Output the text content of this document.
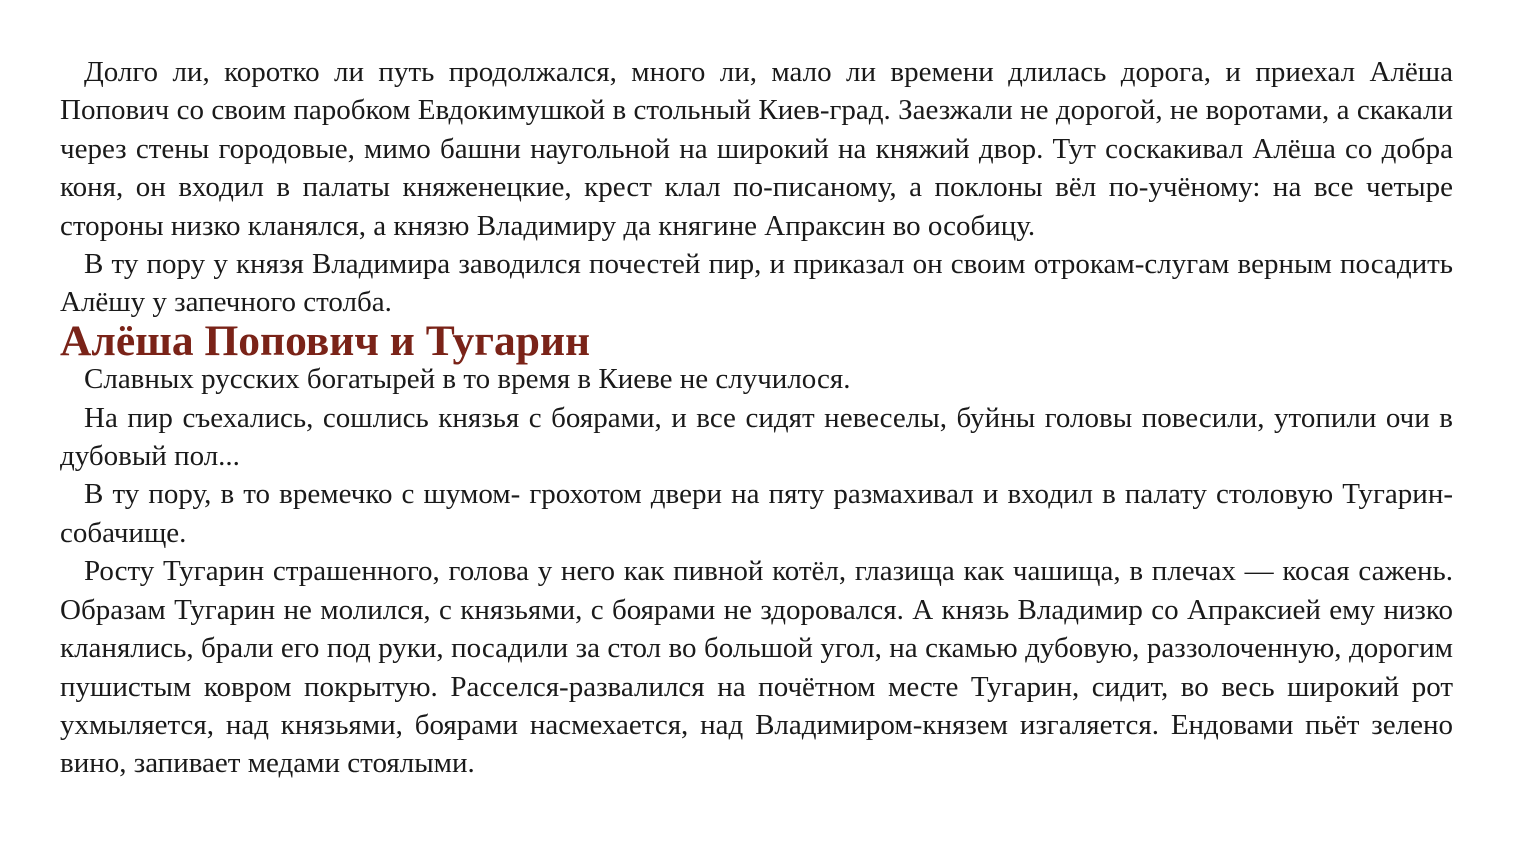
Долго ли, коротко ли путь продолжался, много ли, мало ли времени длилась дорога, и приехал Алёша Попович со своим паробком Евдокимушкой в стольный Киев-град. Заезжали не дорогой, не воротами, а скакали через стены городовые, мимо башни наугольной на широкий на княжий двор. Тут соскакивал Алёша со добра коня, он входил в палаты княженецкие, крест клал по-писаному, а поклоны вёл по-учёному: на все четыре стороны низко кланялся, а князю Владимиру да княгине Апраксин во особицу.

В ту пору у князя Владимира заводился почестей пир, и приказал он своим отрокам-слугам верным посадить Алёшу у запечного столба.

Алёша Попович и Тугарин

Славных русских богатырей в то время в Киеве не случилося.

На пир съехались, сошлись князья с боярами, и все сидят невеселы, буйны головы повесили, утопили очи в дубовый пол...

В ту пору, в то времечко с шумом- грохотом двери на пяту размахивал и входил в палату столовую Тугарин-собачище.

Росту Тугарин страшенного, голова у него как пивной котёл, глазища как чашища, в плечах — косая сажень. Образам Тугарин не молился, с князьями, с боярами не здоровался. А князь Владимир со Апраксией ему низко кланялись, брали его под руки, посадили за стол во большой угол, на скамью дубовую, раззолоченную, дорогим пушистым ковром покрытую. Расселся-развалился на почётном месте Тугарин, сидит, во весь широкий рот ухмыляется, над князьями, боярами насмехается, над Владимиром-князем изгаляется. Ендовами пьёт зелено вино, запивает медами стоялыми.
